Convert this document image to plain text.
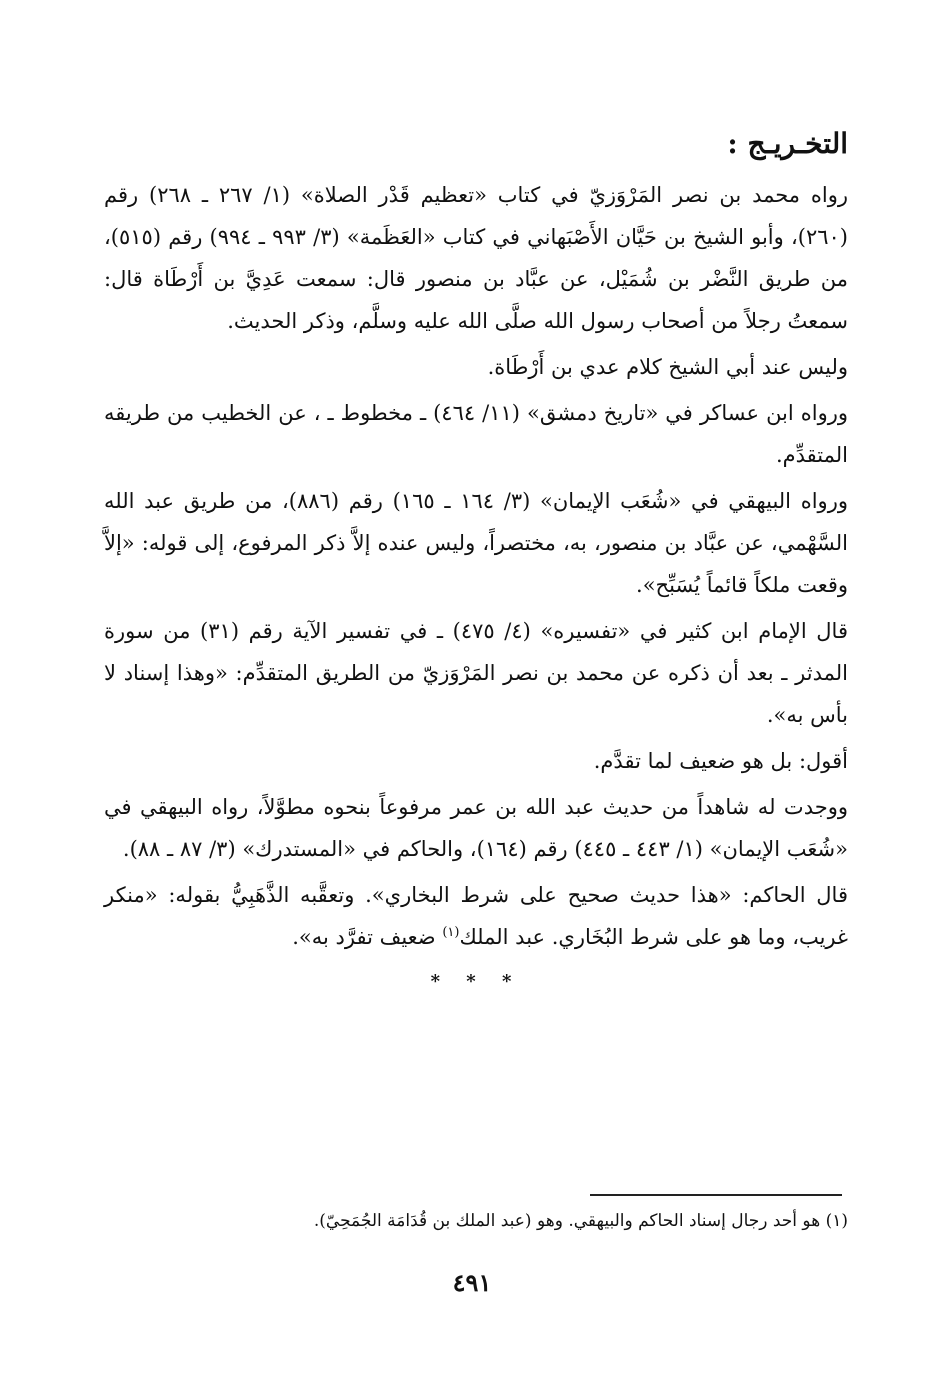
التخـريـج :

رواه محمد بن نصر المَرْوَزيّ في كتاب «تعظيم قَدْر الصلاة» (١/ ٢٦٧ ـ ٢٦٨) رقم (٢٦٠)، وأبو الشيخ بن حَيَّان الأَصْبَهاني في كتاب «العَظَمة» (٣/ ٩٩٣ ـ ٩٩٤) رقم (٥١٥)، من طريق النَّضْر بن شُمَيْل، عن عبَّاد بن منصور قال: سمعت عَدِيَّ بن أَرْطَاة قال: سمعتُ رجلاً من أصحاب رسول الله صلَّى الله عليه وسلَّم، وذكر الحديث.

وليس عند أبي الشيخ كلام عدي بن أَرْطَاة.

ورواه ابن عساكر في «تاريخ دمشق» (١١/ ٤٦٤) ـ مخطوط ـ ، عن الخطيب من طريقه المتقدِّم.

ورواه البيهقي في «شُعَب الإيمان» (٣/ ١٦٤ ـ ١٦٥) رقم (٨٨٦)، من طريق عبد الله السَّهْمي، عن عبَّاد بن منصور، به، مختصراً، وليس عنده إلاَّ ذكر المرفوع، إلى قوله: «إلاَّ وقعت ملكاً قائماً يُسَبِّح».

قال الإمام ابن كثير في «تفسيره» (٤/ ٤٧٥) ـ في تفسير الآية رقم (٣١) من سورة المدثر ـ بعد أن ذكره عن محمد بن نصر المَرْوَزيّ من الطريق المتقدِّم: «وهذا إسناد لا بأس به».

أقول: بل هو ضعيف لما تقدَّم.

ووجدت له شاهداً من حديث عبد الله بن عمر مرفوعاً بنحوه مطوَّلاً، رواه البيهقي في «شُعَب الإيمان» (١/ ٤٤٣ ـ ٤٤٥) رقم (١٦٤)، والحاكم في «المستدرك» (٣/ ٨٧ ـ ٨٨).

قال الحاكم: «هذا حديث صحيح على شرط البخاري». وتعقَّبه الذَّهَبِيُّ بقوله: «منكر غريب، وما هو على شرط البُخَاري. عبد الملك$^{(١)}$ ضعيف تفرَّد به».

* * *
(١) هو أحد رجال إسناد الحاكم والبيهقي. وهو (عبد الملك بن قُدَامَة الجُمَحِيّ).
٤٩١
